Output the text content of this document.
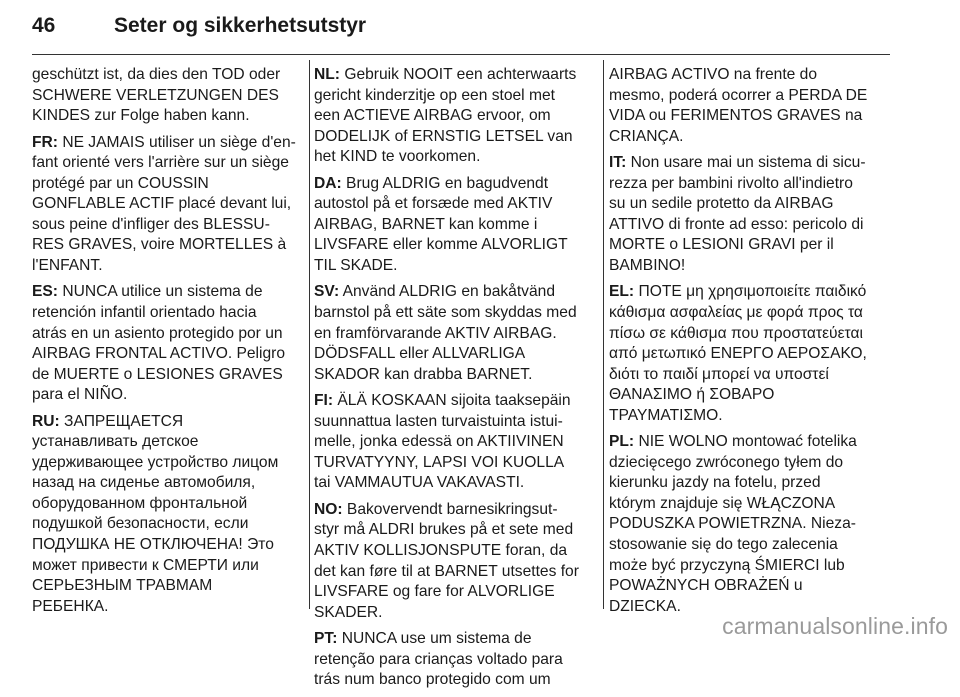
46	Seter og sikkerhetsutstyr
geschützt ist, da dies den TOD oder
SCHWERE VERLETZUNGEN DES
KINDES zur Folge haben kann.
FR: NE JAMAIS utiliser un siège d'en-
fant orienté vers l'arrière sur un siège
protégé par un COUSSIN
GONFLABLE ACTIF placé devant lui,
sous peine d'infliger des BLESSU‐
RES GRAVES, voire MORTELLES à
l'ENFANT.
ES: NUNCA utilice un sistema de
retención infantil orientado hacia
atrás en un asiento protegido por un
AIRBAG FRONTAL ACTIVO. Peligro
de MUERTE o LESIONES GRAVES
para el NIÑO.
RU: ЗАПРЕЩАЕТСЯ
устанавливать детское
удерживающее устройство лицом
назад на сиденье автомобиля,
оборудованном фронтальной
подушкой безопасности, если
ПОДУШКА НЕ ОТКЛЮЧЕНА! Это
может привести к СМЕРТИ или
СЕРЬЕЗНЫМ ТРАВМАМ
РЕБЕНКА.
NL: Gebruik NOOIT een achterwaarts
gericht kinderzitje op een stoel met
een ACTIEVE AIRBAG ervoor, om
DODELIJK of ERNSTIG LETSEL van
het KIND te voorkomen.
DA: Brug ALDRIG en bagudvendt
autostol på et forsæde med AKTIV
AIRBAG, BARNET kan komme i
LIVSFARE eller komme ALVORLIGT
TIL SKADE.
SV: Använd ALDRIG en bakåtvänd
barnstol på ett säte som skyddas med
en framförvarande AKTIV AIRBAG.
DÖDSFALL eller ALLVARLIGA
SKADOR kan drabba BARNET.
FI: ÄLÄ KOSKAAN sijoita taaksepäin
suunnattua lasten turvaistuinta istui‐
melle, jonka edessä on AKTIIVINEN
TURVATYYNY, LAPSI VOI KUOLLA
tai VAMMAUTUA VAKAVASTI.
NO: Bakovervendt barnesikringsut‐
styr må ALDRI brukes på et sete med
AKTIV KOLLISJONSPUTE foran, da
det kan føre til at BARNET utsettes for
LIVSFARE og fare for ALVORLIGE
SKADER.
PT: NUNCA use um sistema de
retenção para crianças voltado para
trás num banco protegido com um
AIRBAG ACTIVO na frente do
mesmo, poderá ocorrer a PERDA DE
VIDA ou FERIMENTOS GRAVES na
CRIANÇA.
IT: Non usare mai un sistema di sicu‐
rezza per bambini rivolto all'indietro
su un sedile protetto da AIRBAG
ATTIVO di fronte ad esso: pericolo di
MORTE o LESIONI GRAVI per il
BAMBINO!
EL: ΠΟΤΕ μη χρησιμοποιείτε παιδικό
κάθισμα ασφαλείας με φορά προς τα
πίσω σε κάθισμα που προστατεύεται
από μετωπικό ΕΝΕΡΓΟ ΑΕΡΟΣΑΚΟ,
διότι το παιδί μπορεί να υποστεί
ΘΑΝΑΣΙΜΟ ή ΣΟΒΑΡΟ
ΤΡΑΥΜΑΤΙΣΜΟ.
PL: NIE WOLNO montować fotelika
dziecięcego zwróconego tyłem do
kierunku jazdy na fotelu, przed
którym znajduje się WŁĄCZONA
PODUSZKA POWIETRZNA. Nieza‐
stosowanie się do tego zalecenia
może być przyczyną ŚMIERCI lub
POWAŻNYCH OBRAŻEŃ u
DZIECKA.
carmanualsonline.info
